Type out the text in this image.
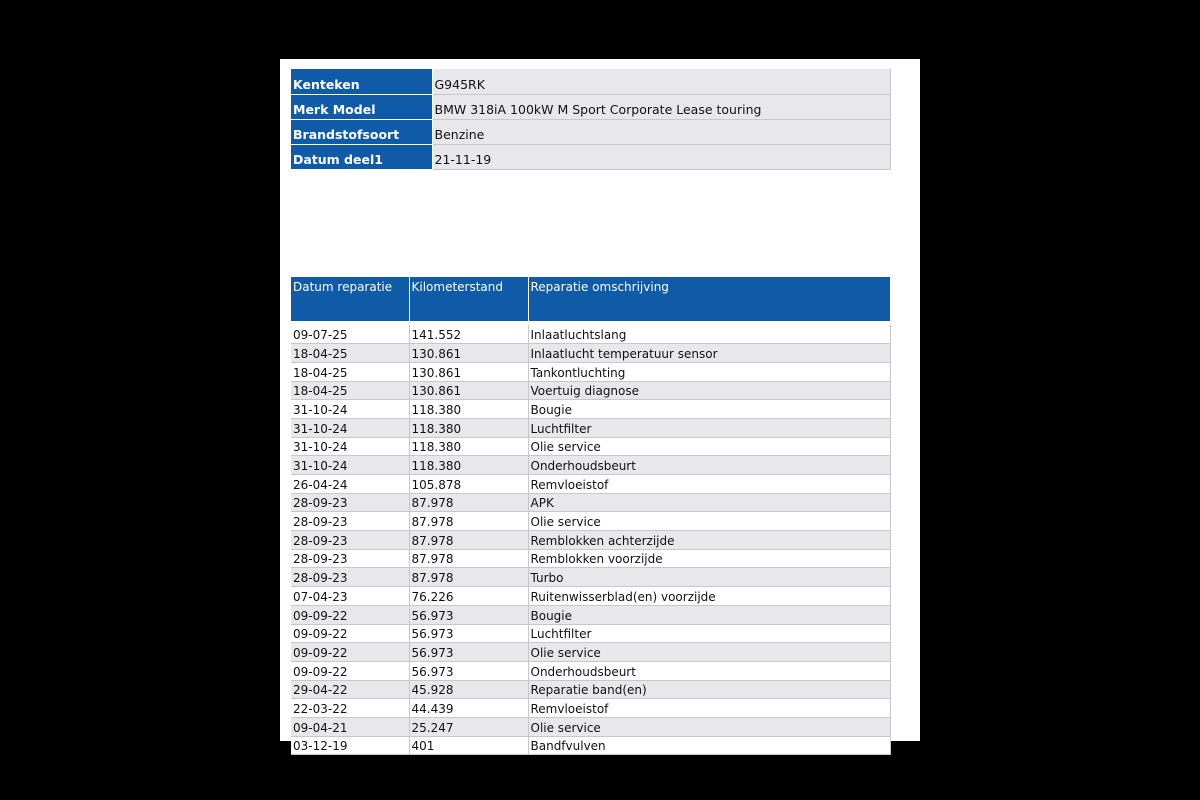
Kenteken	G945RK
Merk Model	BMW 318iA 100kW M Sport Corporate Lease touring
Brandstofsoort	Benzine
Datum deel1	21-11-19
Datum reparatie	Kilometerstand	Reparatie omschrijving

09-07-25	141.552	Inlaatluchtslang
18-04-25	130.861	Inlaatlucht temperatuur sensor
18-04-25	130.861	Tankontluchting
18-04-25	130.861	Voertuig diagnose
31-10-24	118.380	Bougie
31-10-24	118.380	Luchtfilter
31-10-24	118.380	Olie service
31-10-24	118.380	Onderhoudsbeurt
26-04-24	105.878	Remvloeistof
28-09-23	87.978	APK
28-09-23	87.978	Olie service
28-09-23	87.978	Remblokken achterzijde
28-09-23	87.978	Remblokken voorzijde
28-09-23	87.978	Turbo
07-04-23	76.226	Ruitenwisserblad(en) voorzijde
09-09-22	56.973	Bougie
09-09-22	56.973	Luchtfilter
09-09-22	56.973	Olie service
09-09-22	56.973	Onderhoudsbeurt
29-04-22	45.928	Reparatie band(en)
22-03-22	44.439	Remvloeistof
09-04-21	25.247	Olie service
03-12-19	401	Bandfvulven
